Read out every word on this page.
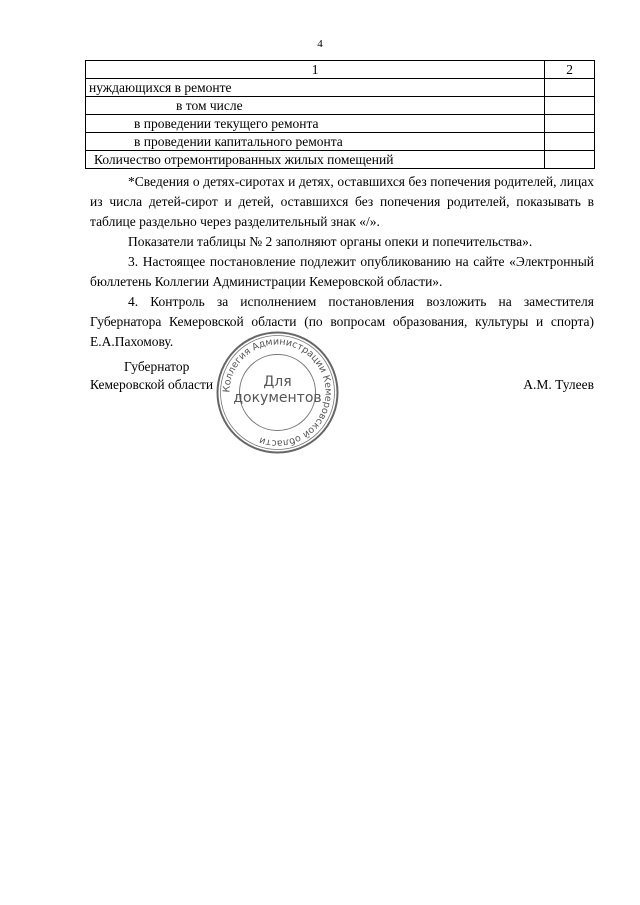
4
1	2
нуждающихся в ремонте	
в том числе	
в проведении текущего ремонта	
в проведении капитального ремонта	
Количество отремонтированных жилых помещений	

*Сведения о детях-сиротах и детях, оставшихся без попечения родителей, лицах из числа детей-сирот и детей, оставшихся без попечения родителей, показывать в таблице раздельно через разделительный знак «/».

Показатели таблицы № 2 заполняют органы опеки и попечительства».

3. Настоящее постановление подлежит опубликованию на сайте «Электронный бюллетень Коллегии Администрации Кемеровской области».

4. Контроль за исполнением постановления возложить на заместителя Губернатора Кемеровской области (по вопросам образования, культуры и спорта) Е.А.Пахомову.

Губернатор
Кемеровской области	А.М. Тулеев
Коллегия Администрации Кемеровской области
Для
документов
